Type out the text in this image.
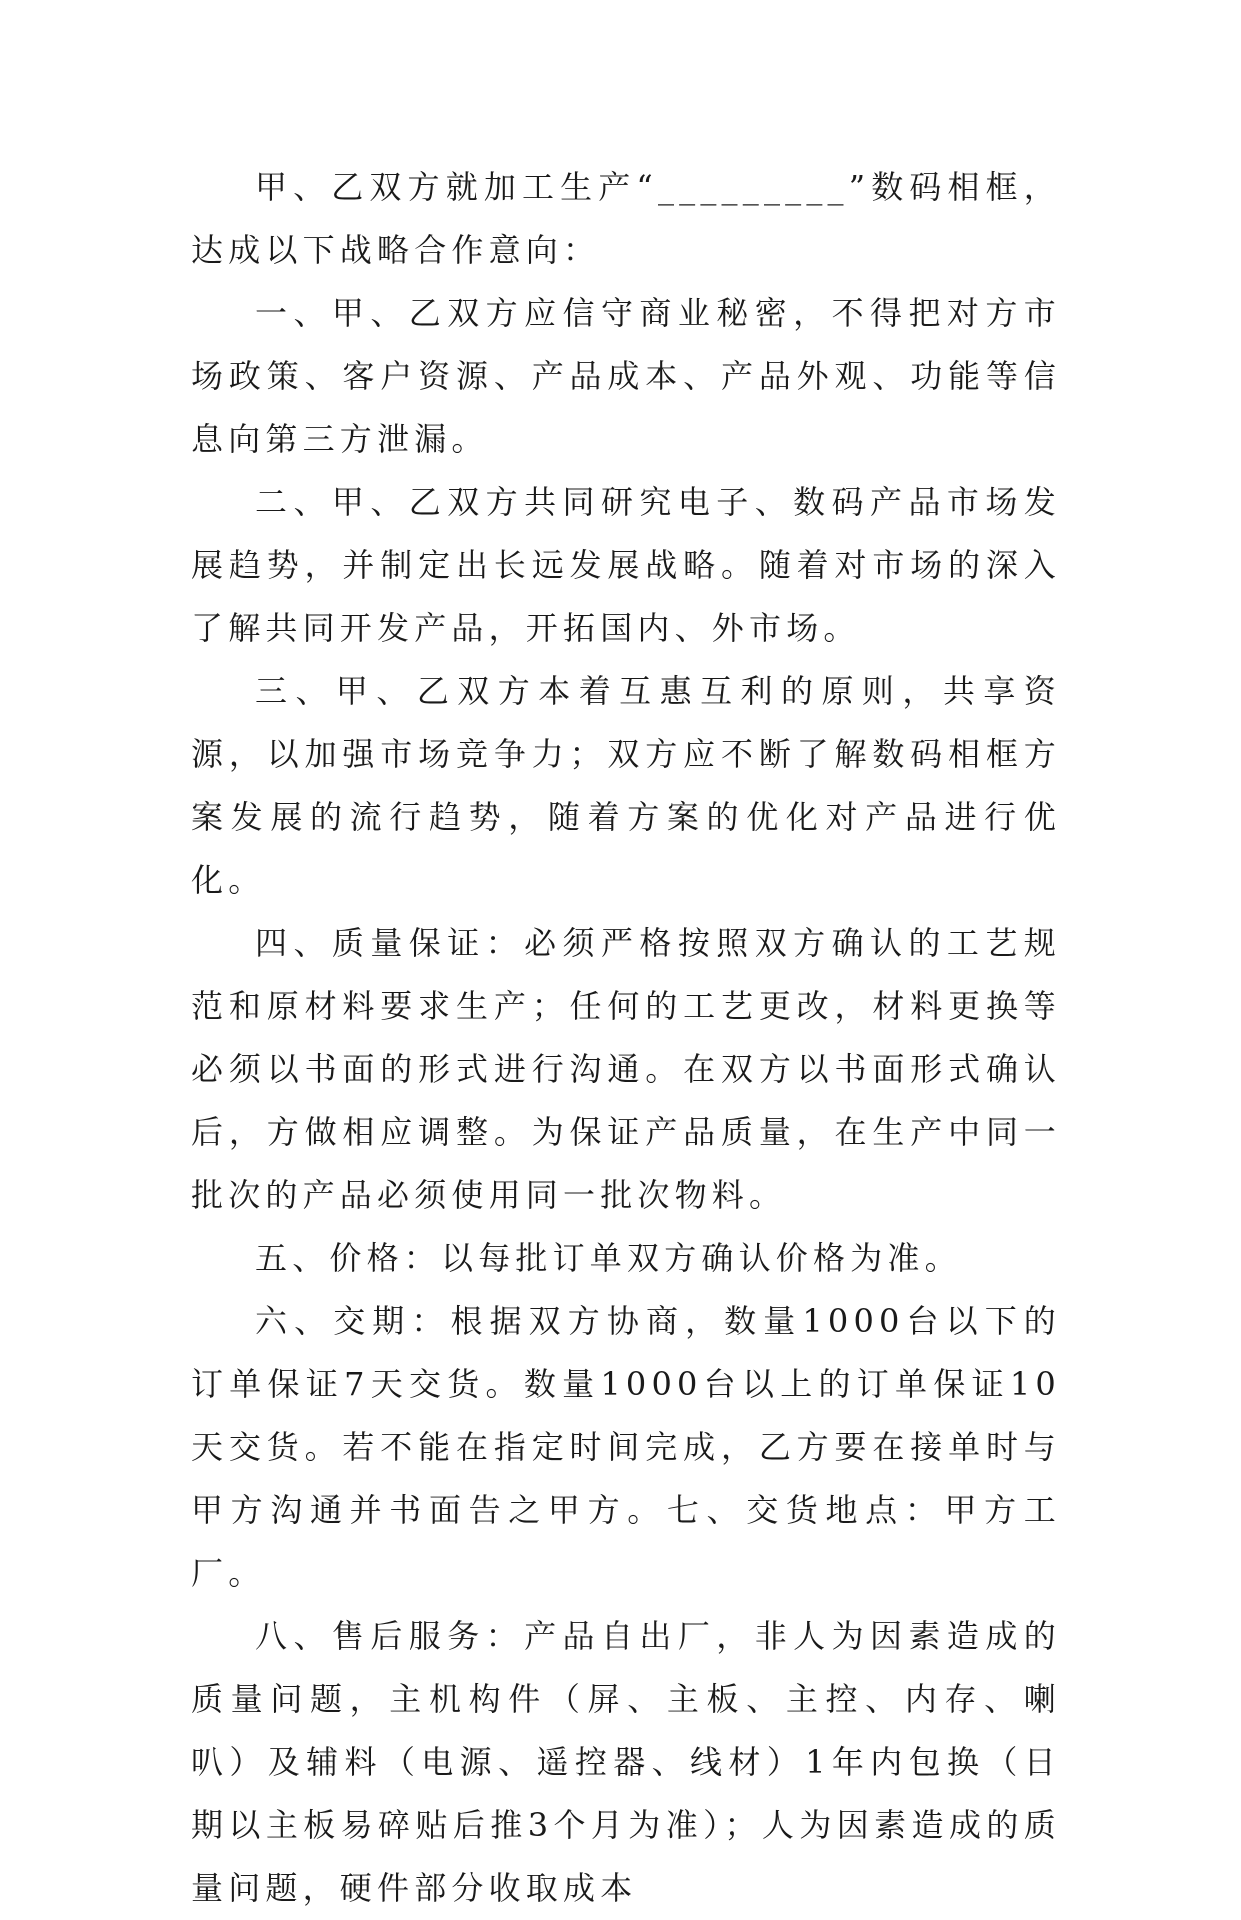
甲、乙双方就加工生产“_________”数码相框，达成以下战略合作意向：

一、甲、乙双方应信守商业秘密，不得把对方市场政策、客户资源、产品成本、产品外观、功能等信息向第三方泄漏。

二、甲、乙双方共同研究电子、数码产品市场发展趋势，并制定出长远发展战略。随着对市场的深入了解共同开发产品，开拓国内、外市场。

三、甲、乙双方本着互惠互利的原则，共享资源，以加强市场竞争力；双方应不断了解数码相框方案发展的流行趋势，随着方案的优化对产品进行优化。

四、质量保证：必须严格按照双方确认的工艺规范和原材料要求生产；任何的工艺更改，材料更换等必须以书面的形式进行沟通。在双方以书面形式确认后，方做相应调整。为保证产品质量，在生产中同一批次的产品必须使用同一批次物料。

五、价格：以每批订单双方确认价格为准。

六、交期：根据双方协商，数量1000台以下的订单保证7天交货。数量1000台以上的订单保证10天交货。若不能在指定时间完成，乙方要在接单时与甲方沟通并书面告之甲方。七、交货地点：甲方工厂。

八、售后服务：产品自出厂，非人为因素造成的质量问题，主机构件（屏、主板、主控、内存、喇叭）及辅料（电源、遥控器、线材）1年内包换（日期以主板易碎贴后推3个月为准）；人为因素造成的质量问题，硬件部分收取成本
